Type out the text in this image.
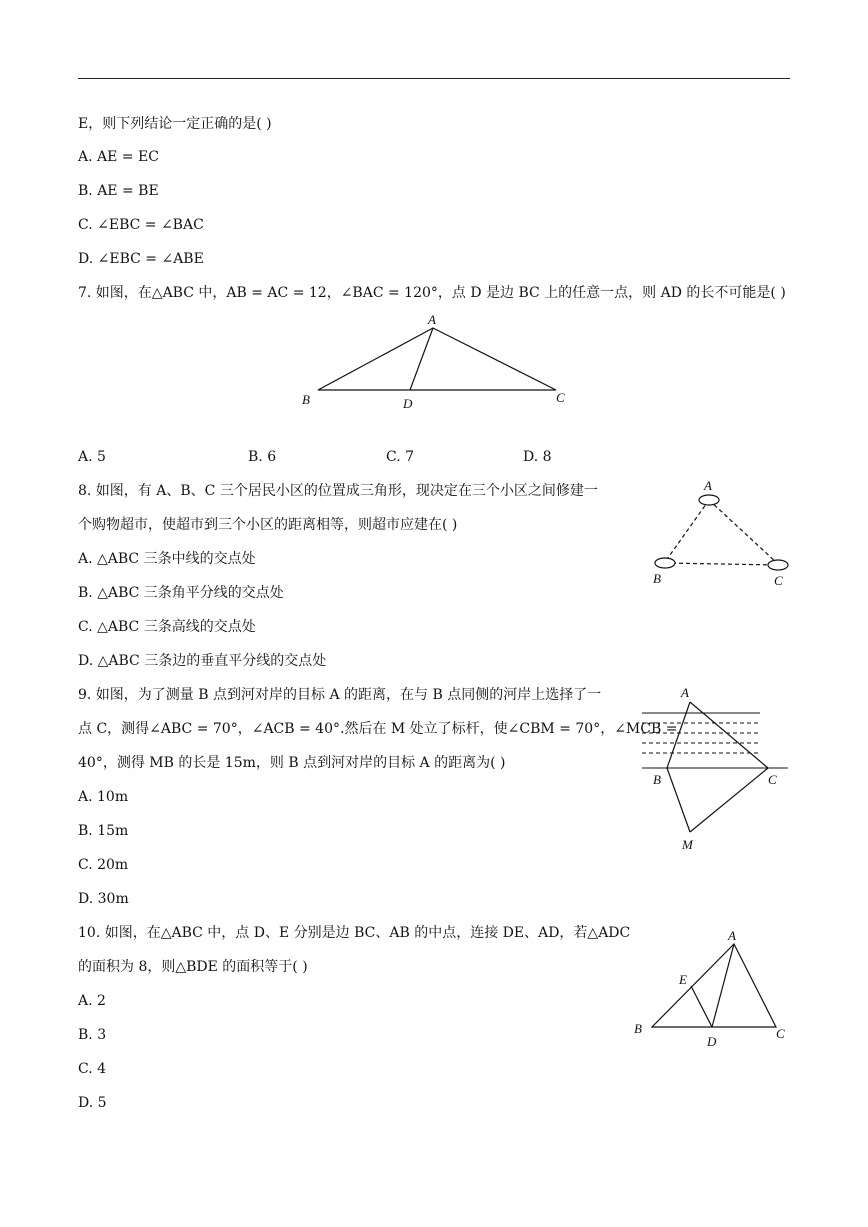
E，则下列结论一定正确的是( )
A. AE = EC
B. AE = BE
C. ∠EBC = ∠BAC
D. ∠EBC = ∠ABE
7. 如图，在△ABC 中，AB = AC = 12，∠BAC = 120°，点 D 是边 BC 上的任意一点，则 AD 的长不可能是( )
A
B	D	C
A. 5	B. 6	C. 7	D. 8
8. 如图，有 A、B、C 三个居民小区的位置成三角形，现决定在三个小区之间修建一
个购物超市，使超市到三个小区的距离相等，则超市应建在( )
A. △ABC 三条中线的交点处
B. △ABC 三条角平分线的交点处
C. △ABC 三条高线的交点处
D. △ABC 三条边的垂直平分线的交点处
A
B	C
9. 如图，为了测量 B 点到河对岸的目标 A 的距离，在与 B 点同侧的河岸上选择了一
点 C，测得∠ABC = 70°，∠ACB = 40°.然后在 M 处立了标杆，使∠CBM = 70°，∠MCB =
40°，测得 MB 的长是 15m，则 B 点到河对岸的目标 A 的距离为( )
A. 10m
B. 15m
C. 20m
D. 30m
A
B	C
M
10. 如图，在△ABC 中，点 D、E 分别是边 BC、AB 的中点，连接 DE、AD，若△ADC
的面积为 8，则△BDE 的面积等于( )
A. 2
B. 3
C. 4
D. 5
A
E
B
D
C
